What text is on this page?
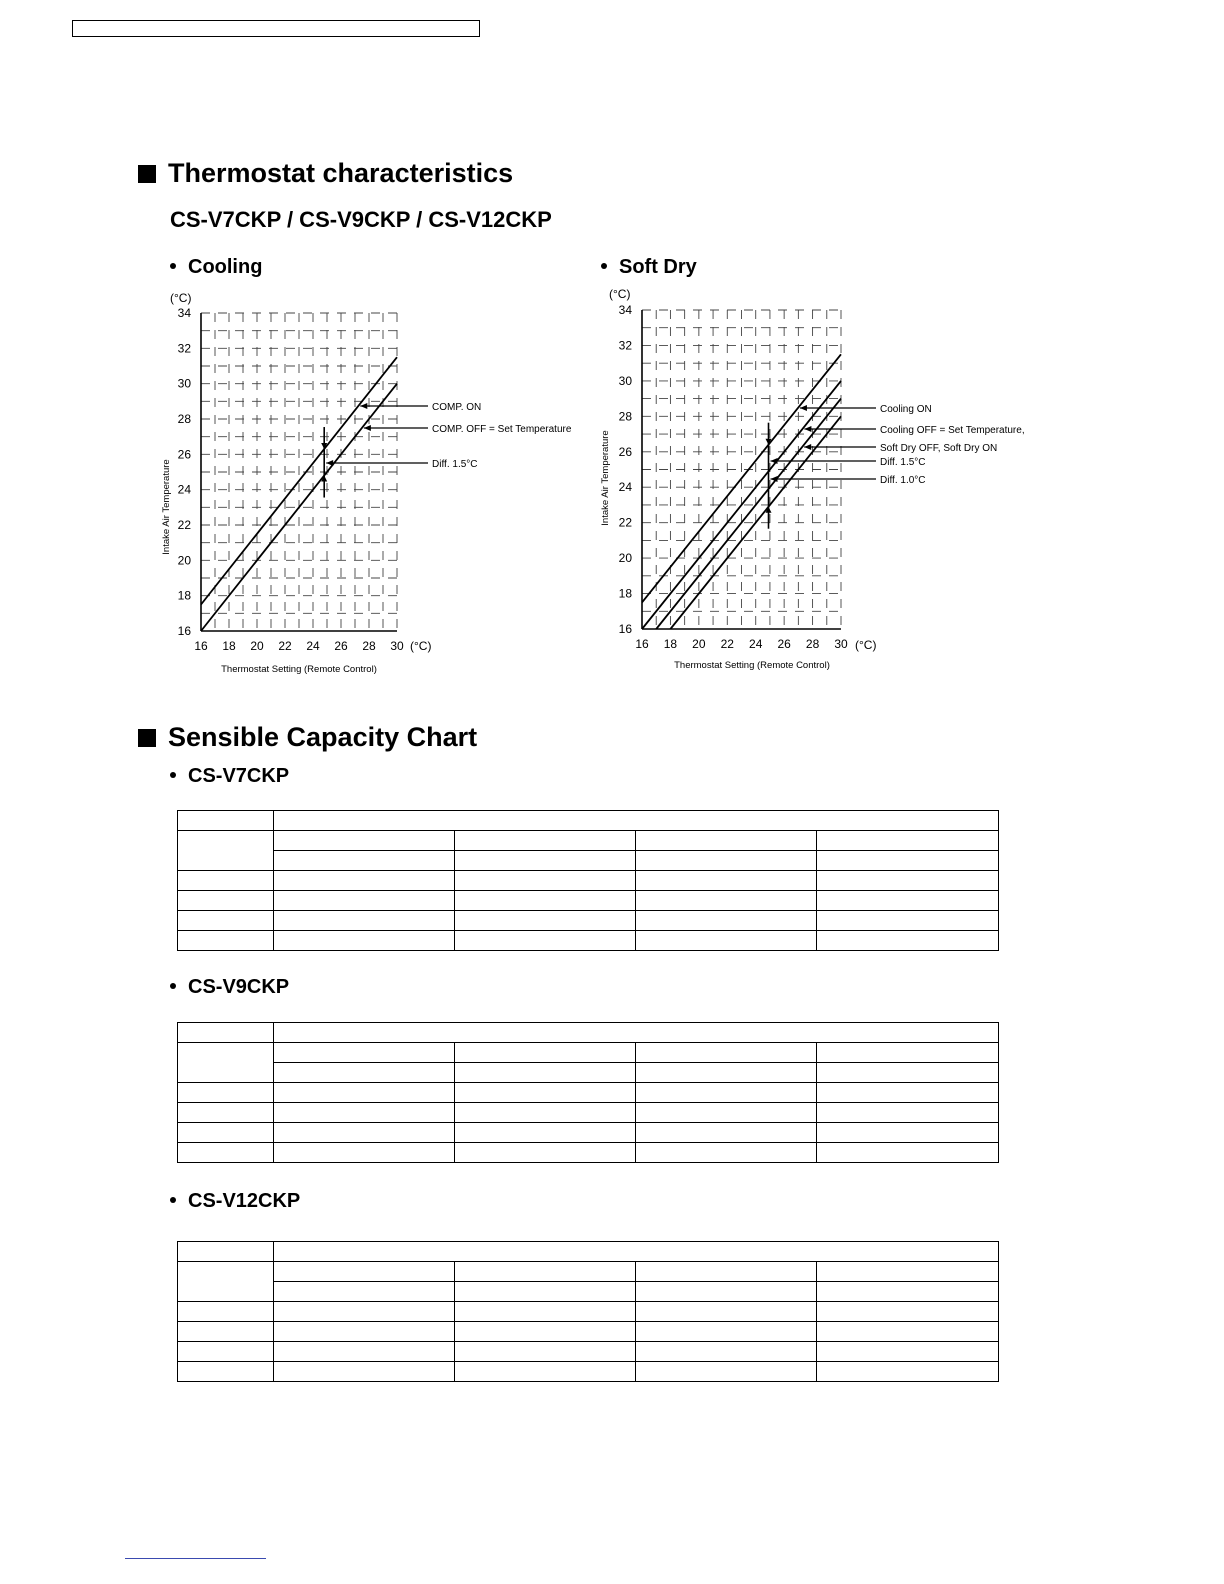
Thermostat characteristics
CS-V7CKP / CS-V9CKP / CS-V12CKP
Cooling	Soft Dry
COMP. ON
COMP. OFF = Set Temperature
Diff. 1.5°C
34
32
30
28
26
24
22
20
18
16
16 18 20 22 24 26 28 30
(°C)
(°C)
Intake Air Temperature
Thermostat Setting (Remote Control)
Cooling ON
Cooling OFF = Set Temperature,
Soft Dry OFF, Soft Dry ON
Diff. 1.5°C
Diff. 1.0°C
34
32
30
28
26
24
22
20
18
16
16 18 20 22 24 26 28 30
(°C)
(°C)
Intake Air Temperature
Thermostat Setting (Remote Control)
Sensible Capacity Chart
CS-V7CKP

CS-V9CKP

CS-V12CKP
